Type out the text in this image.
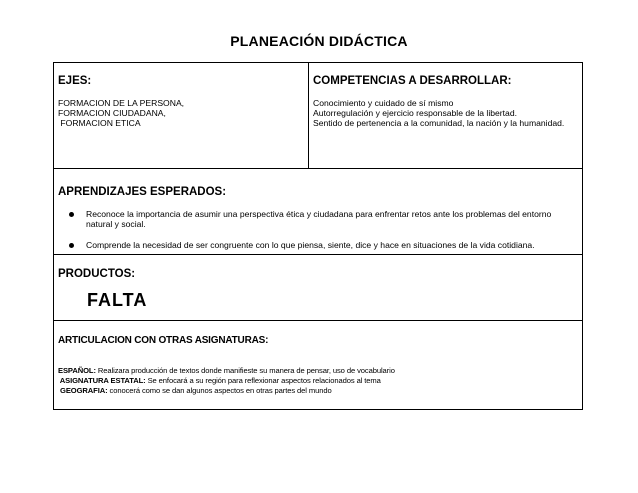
PLANEACIÓN DIDÁCTICA
EJES:
FORMACION DE LA PERSONA,
FORMACION CIUDADANA,
FORMACION ETICA
COMPETENCIAS A DESARROLLAR:
Conocimiento y cuidado de sí mismo
Autorregulación y ejercicio responsable de la libertad.
Sentido de pertenencia a la comunidad, la nación y la humanidad.
APRENDIZAJES ESPERADOS:
Reconoce la importancia de asumir una perspectiva ética y ciudadana para enfrentar retos ante los problemas del entorno natural y social.
Comprende la necesidad de ser congruente con lo que piensa, siente, dice y hace en situaciones de la vida cotidiana.
PRODUCTOS:
FALTA
ARTICULACION CON OTRAS ASIGNATURAS:
ESPAÑOL: Realizara producción de textos donde manifieste su manera de pensar, uso de vocabulario
ASIGNATURA ESTATAL: Se enfocará a su región para reflexionar aspectos relacionados al tema
GEOGRAFIA: conocerá como se dan algunos aspectos en otras partes del mundo
